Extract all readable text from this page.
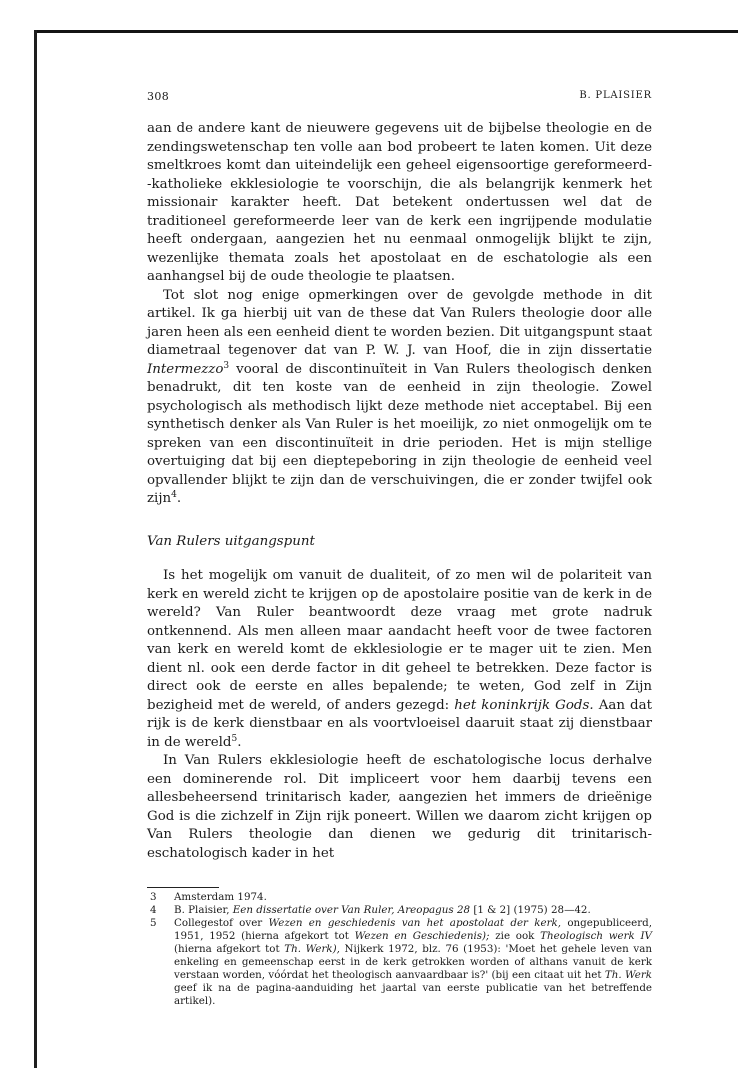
308	B. PLAISIER

aan de andere kant de nieuwere gegevens uit de bijbelse theologie en de zendingswetenschap ten volle aan bod probeert te laten komen. Uit deze smeltkroes komt dan uiteindelijk een geheel eigensoortige gereformeerd--katholieke ekklesiologie te voorschijn, die als belangrijk kenmerk het missionair karakter heeft. Dat betekent ondertussen wel dat de traditioneel gereformeerde leer van de kerk een ingrijpende modulatie heeft ondergaan, aangezien het nu eenmaal onmogelijk blijkt te zijn, wezenlijke themata zoals het apostolaat en de eschatologie als een aanhangsel bij de oude theologie te plaatsen.

Tot slot nog enige opmerkingen over de gevolgde methode in dit artikel. Ik ga hierbij uit van de these dat Van Rulers theologie door alle jaren heen als een eenheid dient te worden bezien. Dit uitgangspunt staat diametraal tegenover dat van P. W. J. van Hoof, die in zijn dissertatie Intermezzo$^3$ vooral de discontinuïteit in Van Rulers theologisch denken benadrukt, dit ten koste van de eenheid in zijn theologie. Zowel psychologisch als methodisch lijkt deze methode niet acceptabel. Bij een synthetisch denker als Van Ruler is het moeilijk, zo niet onmogelijk om te spreken van een discontinuïteit in drie perioden. Het is mijn stellige overtuiging dat bij een dieptepeboring in zijn theologie de eenheid veel opvallender blijkt te zijn dan de verschuivingen, die er zonder twijfel ook zijn$^4$.

Van Rulers uitgangspunt

Is het mogelijk om vanuit de dualiteit, of zo men wil de polariteit van kerk en wereld zicht te krijgen op de apostolaire positie van de kerk in de wereld? Van Ruler beantwoordt deze vraag met grote nadruk ontkennend. Als men alleen maar aandacht heeft voor de twee factoren van kerk en wereld komt de ekklesiologie er te mager uit te zien. Men dient nl. ook een derde factor in dit geheel te betrekken. Deze factor is direct ook de eerste en alles bepalende; te weten, God zelf in Zijn bezigheid met de wereld, of anders gezegd: het koninkrijk Gods. Aan dat rijk is de kerk dienstbaar en als voortvloeisel daaruit staat zij dienstbaar in de wereld$^5$.

In Van Rulers ekklesiologie heeft de eschatologische locus derhalve een dominerende rol. Dit impliceert voor hem daarbij tevens een allesbeheersend trinitarisch kader, aangezien het immers de drieënige God is die zichzelf in Zijn rijk poneert. Willen we daarom zicht krijgen op Van Rulers theologie dan dienen we gedurig dit trinitarisch-eschatologisch kader in het

3	Amsterdam 1974.
4	B. Plaisier, Een dissertatie over Van Ruler, Areopagus 28 [1 & 2] (1975) 28—42.
5	Collegestof over Wezen en geschiedenis van het apostolaat der kerk, ongepubliceerd, 1951, 1952 (hierna afgekort tot Wezen en Geschiedenis); zie ook Theologisch werk IV (hierna afgekort tot Th. Werk), Nijkerk 1972, blz. 76 (1953): 'Moet het gehele leven van enkeling en gemeenschap eerst in de kerk getrokken worden of althans vanuit de kerk verstaan worden, vóórdat het theologisch aanvaardbaar is?' (bij een citaat uit het Th. Werk geef ik na de pagina-aanduiding het jaartal van eerste publicatie van het betreffende artikel).
